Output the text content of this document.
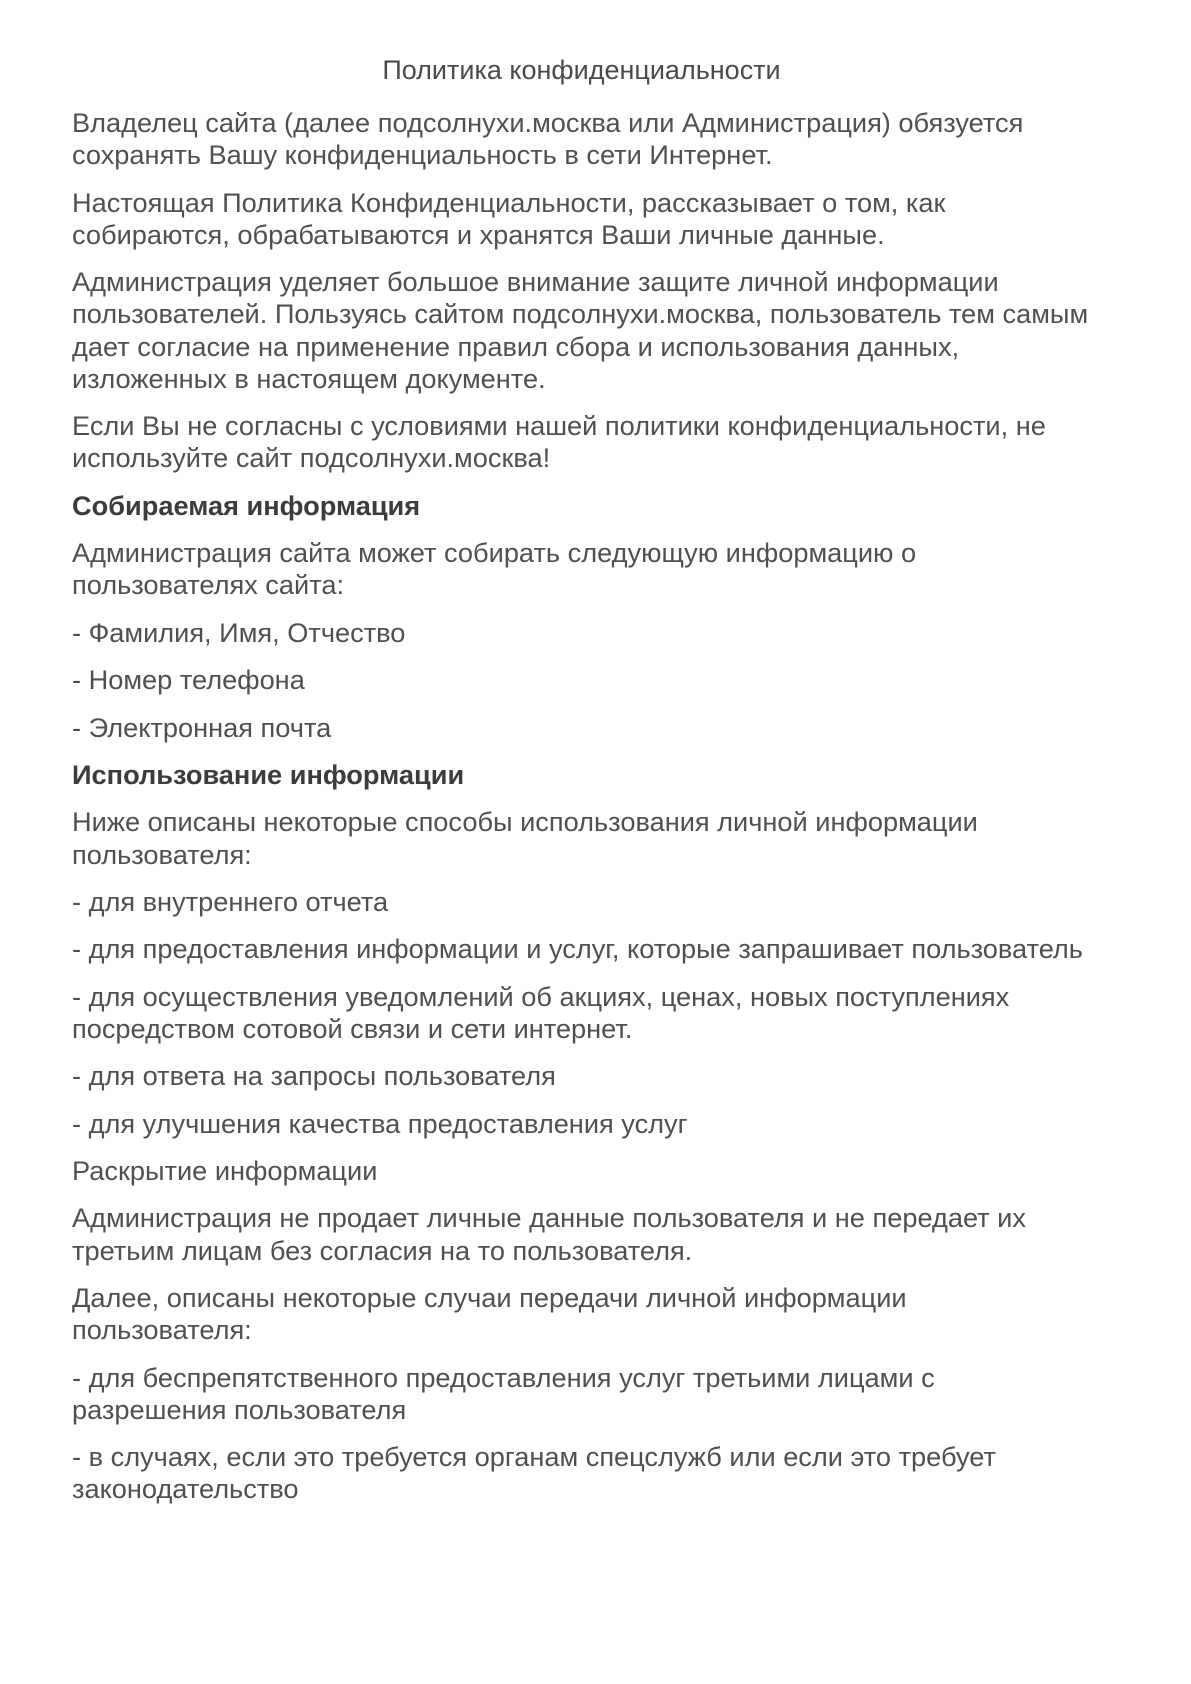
Политика конфиденциальности

Владелец сайта (далее подсолнухи.москва или Администрация) обязуется сохранять Вашу конфиденциальность в сети Интернет.

Настоящая Политика Конфиденциальности, рассказывает о том, как собираются, обрабатываются и хранятся Ваши личные данные.

Администрация уделяет большое внимание защите личной информации пользователей. Пользуясь сайтом подсолнухи.москва, пользователь тем самым дает согласие на применение правил сбора и использования данных, изложенных в настоящем документе.

Если Вы не согласны с условиями нашей политики конфиденциальности, не используйте сайт подсолнухи.москва!

Собираемая информация

Администрация сайта может собирать следующую информацию о пользователях сайта:

- Фамилия, Имя, Отчество

- Номер телефона

- Электронная почта

Использование информации

Ниже описаны некоторые способы использования личной информации пользователя:

- для внутреннего отчета

- для предоставления информации и услуг, которые запрашивает пользователь

- для осуществления уведомлений об акциях, ценах, новых поступлениях посредством сотовой связи и сети интернет.

- для ответа на запросы пользователя

- для улучшения качества предоставления услуг

Раскрытие информации

Администрация не продает личные данные пользователя и не передает их третьим лицам без согласия на то пользователя.

Далее, описаны некоторые случаи передачи личной информации пользователя:

- для беспрепятственного предоставления услуг третьими лицами с разрешения пользователя

- в случаях, если это требуется органам спецслужб или если это требует законодательство
